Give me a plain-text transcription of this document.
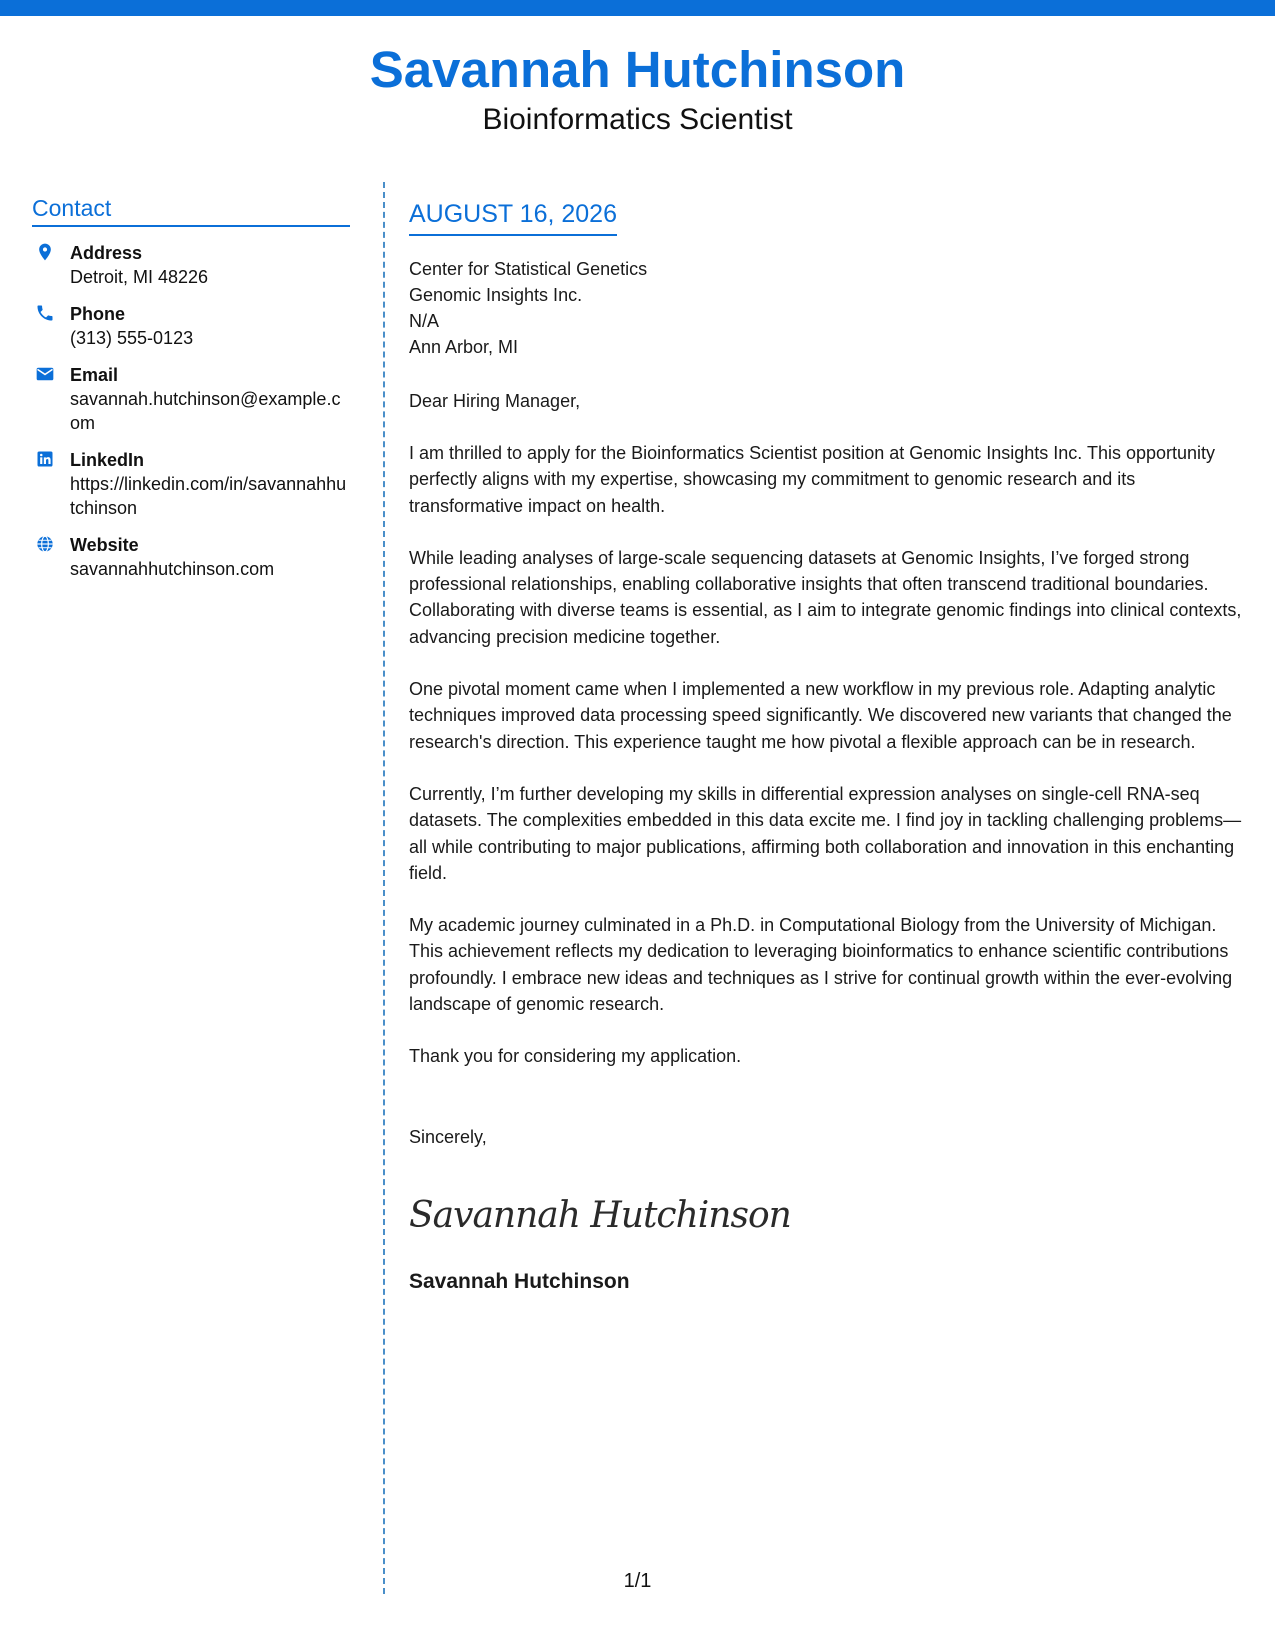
Savannah Hutchinson
Bioinformatics Scientist
Contact
Address
Detroit, MI 48226
Phone
(313) 555-0123
Email
savannah.hutchinson@example.com
LinkedIn
https://linkedin.com/in/savannahhutchinson
Website
savannahhutchinson.com
AUGUST 16, 2026
Center for Statistical Genetics
Genomic Insights Inc.
N/A
Ann Arbor, MI
Dear Hiring Manager,
I am thrilled to apply for the Bioinformatics Scientist position at Genomic Insights Inc. This opportunity perfectly aligns with my expertise, showcasing my commitment to genomic research and its transformative impact on health.
While leading analyses of large-scale sequencing datasets at Genomic Insights, I’ve forged strong professional relationships, enabling collaborative insights that often transcend traditional boundaries. Collaborating with diverse teams is essential, as I aim to integrate genomic findings into clinical contexts, advancing precision medicine together.
One pivotal moment came when I implemented a new workflow in my previous role. Adapting analytic techniques improved data processing speed significantly. We discovered new variants that changed the research's direction. This experience taught me how pivotal a flexible approach can be in research.
Currently, I’m further developing my skills in differential expression analyses on single-cell RNA-seq datasets. The complexities embedded in this data excite me. I find joy in tackling challenging problems—all while contributing to major publications, affirming both collaboration and innovation in this enchanting field.
My academic journey culminated in a Ph.D. in Computational Biology from the University of Michigan. This achievement reflects my dedication to leveraging bioinformatics to enhance scientific contributions profoundly. I embrace new ideas and techniques as I strive for continual growth within the ever-evolving landscape of genomic research.
Thank you for considering my application.
Sincerely,
Savannah Hutchinson
Savannah Hutchinson
1/1
